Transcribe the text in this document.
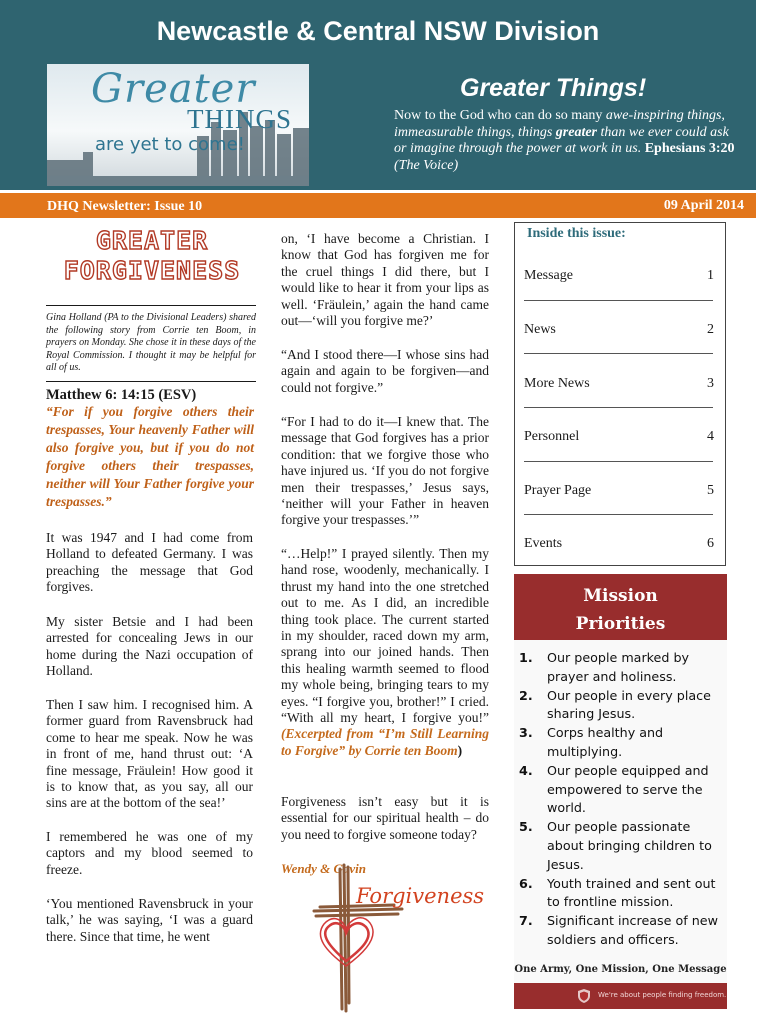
Newcastle & Central NSW Division
Greater
THINGS
are yet to come!
Greater Things!
Now to the God who can do so many awe-inspiring things, immeasurable things, things greater than we ever could ask or imagine through the power at work in us. Ephesians 3:20 (The Voice)
DHQ Newsletter: Issue 10	09 April 2014
GREATER
FORGIVENESS
Gina Holland (PA to the Divisional Leaders) shared the following story from Corrie ten Boom, in prayers on Monday. She chose it in these days of the Royal Commission. I thought it may be helpful for all of us.
Matthew 6: 14:15 (ESV)
“For if you forgive others their trespasses, Your heavenly Father will also forgive you, but if you do not forgive others their trespasses, neither will Your Father forgive your trespasses.”
It was 1947 and I had come from Holland to defeated Germany. I was preaching the message that God forgives.
My sister Betsie and I had been arrested for concealing Jews in our home during the Nazi occupation of Holland.
Then I saw him. I recognised him. A former guard from Ravensbruck had come to hear me speak. Now he was in front of me, hand thrust out: ‘A fine message, Fräulein! How good it is to know that, as you say, all our sins are at the bottom of the sea!’
I remembered he was one of my captors and my blood seemed to freeze.
‘You mentioned Ravensbruck in your talk,’ he was saying, ‘I was a guard there. Since that time, he went
on, ‘I have become a Christian. I know that God has forgiven me for the cruel things I did there, but I would like to hear it from your lips as well. ‘Fräulein,’ again the hand came out—‘will you forgive me?’
“And I stood there—I whose sins had again and again to be forgiven—and could not forgive.”
“For I had to do it—I knew that. The message that God forgives has a prior condition: that we forgive those who have injured us. ‘If you do not forgive men their trespasses,’ Jesus says, ‘neither will your Father in heaven forgive your trespasses.’”
“…Help!” I prayed silently. Then my hand rose, woodenly, mechanically. I thrust my hand into the one stretched out to me. As I did, an incredible thing took place. The current started in my shoulder, raced down my arm, sprang into our joined hands. Then this healing warmth seemed to flood my whole being, bringing tears to my eyes. “I forgive you, brother!” I cried. “With all my heart, I forgive you!” (Excerpted from “I’m Still Learning to Forgive” by Corrie ten Boom)
Forgiveness isn’t easy but it is essential for our spiritual health – do you need to forgive someone today?
Wendy & Gavin
Forgiveness
Inside this issue:
Message	1
News	2
More News	3
Personnel	4
Prayer Page	5
Events	6
Mission
Priorities
1. Our people marked by prayer and holiness.
2. Our people in every place sharing Jesus.
3. Corps healthy and multiplying.
4. Our people equipped and empowered to serve the world.
5. Our people passionate about bringing children to Jesus.
6. Youth trained and sent out to frontline mission.
7. Significant increase of new soldiers and officers.
One Army, One Mission, One Message
We're about people finding freedom.
